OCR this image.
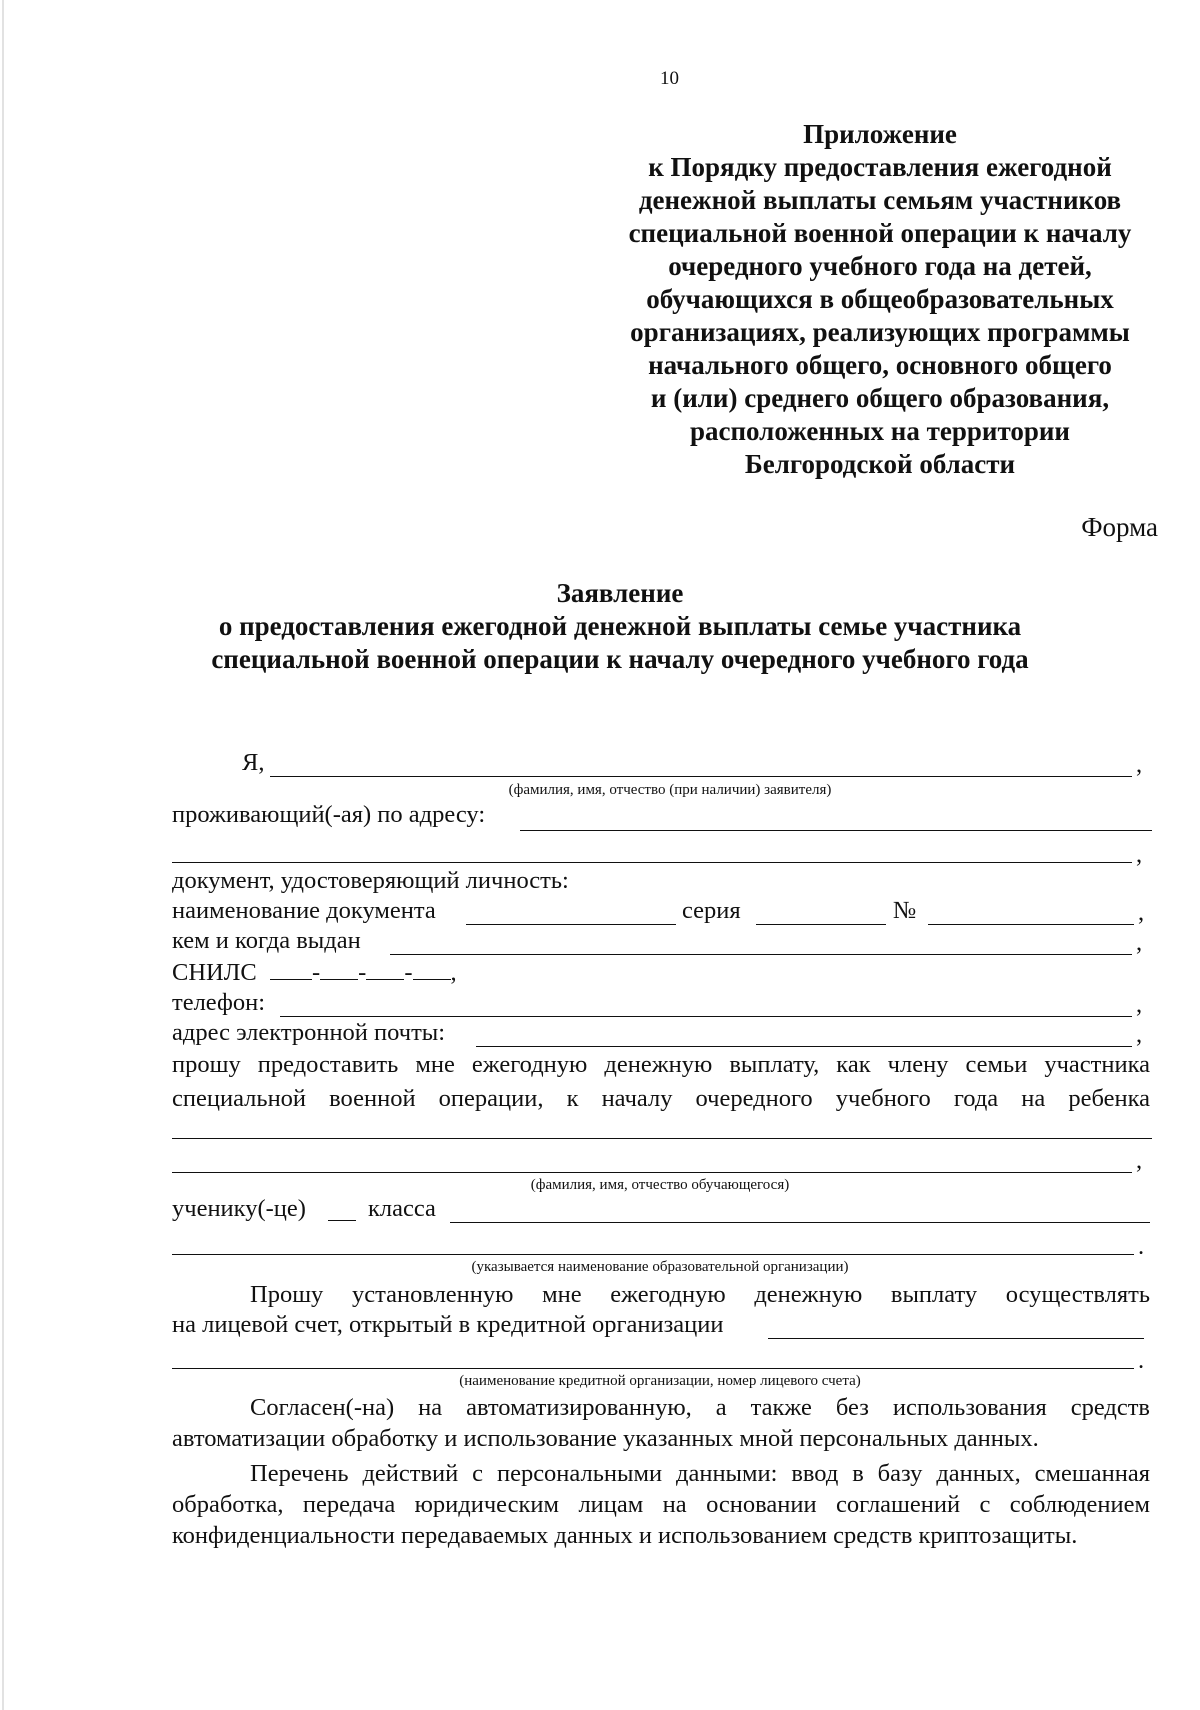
10
Приложение
к Порядку предоставления ежегодной
денежной выплаты семьям участников
специальной военной операции к началу
очередного учебного года на детей,
обучающихся в общеобразовательных
организациях, реализующих программы
начального общего, основного общего
и (или) среднего общего образования,
расположенных на территории
Белгородской области
Форма
Заявление
о предоставления ежегодной денежной выплаты семье участника
специальной военной операции к началу очередного учебного года
Я,	,
(фамилия, имя, отчество (при наличии) заявителя)
проживающий(-ая) по адресу:
,
документ, удостоверяющий личность:
наименование документа	серия	№	,
кем и когда выдан	,
СНИЛС	- - - ,
телефон:	,
адрес электронной почты:	,
прошу предоставить мне ежегодную денежную выплату, как члену семьи участника
специальной военной операции, к началу очередного учебного года на ребенка
,
(фамилия, имя, отчество обучающегося)
ученику(-це)	класса
.
(указывается наименование образовательной организации)
Прошу установленную мне ежегодную денежную выплату осуществлять
на лицевой счет, открытый в кредитной организации
.
(наименование кредитной организации, номер лицевого счета)
Согласен(-на) на автоматизированную, а также без использования средств автоматизации обработку и использование указанных мной персональных данных.
Перечень действий с персональными данными: ввод в базу данных, смешанная обработка, передача юридическим лицам на основании соглашений с соблюдением конфиденциальности передаваемых данных и использованием средств криптозащиты.
